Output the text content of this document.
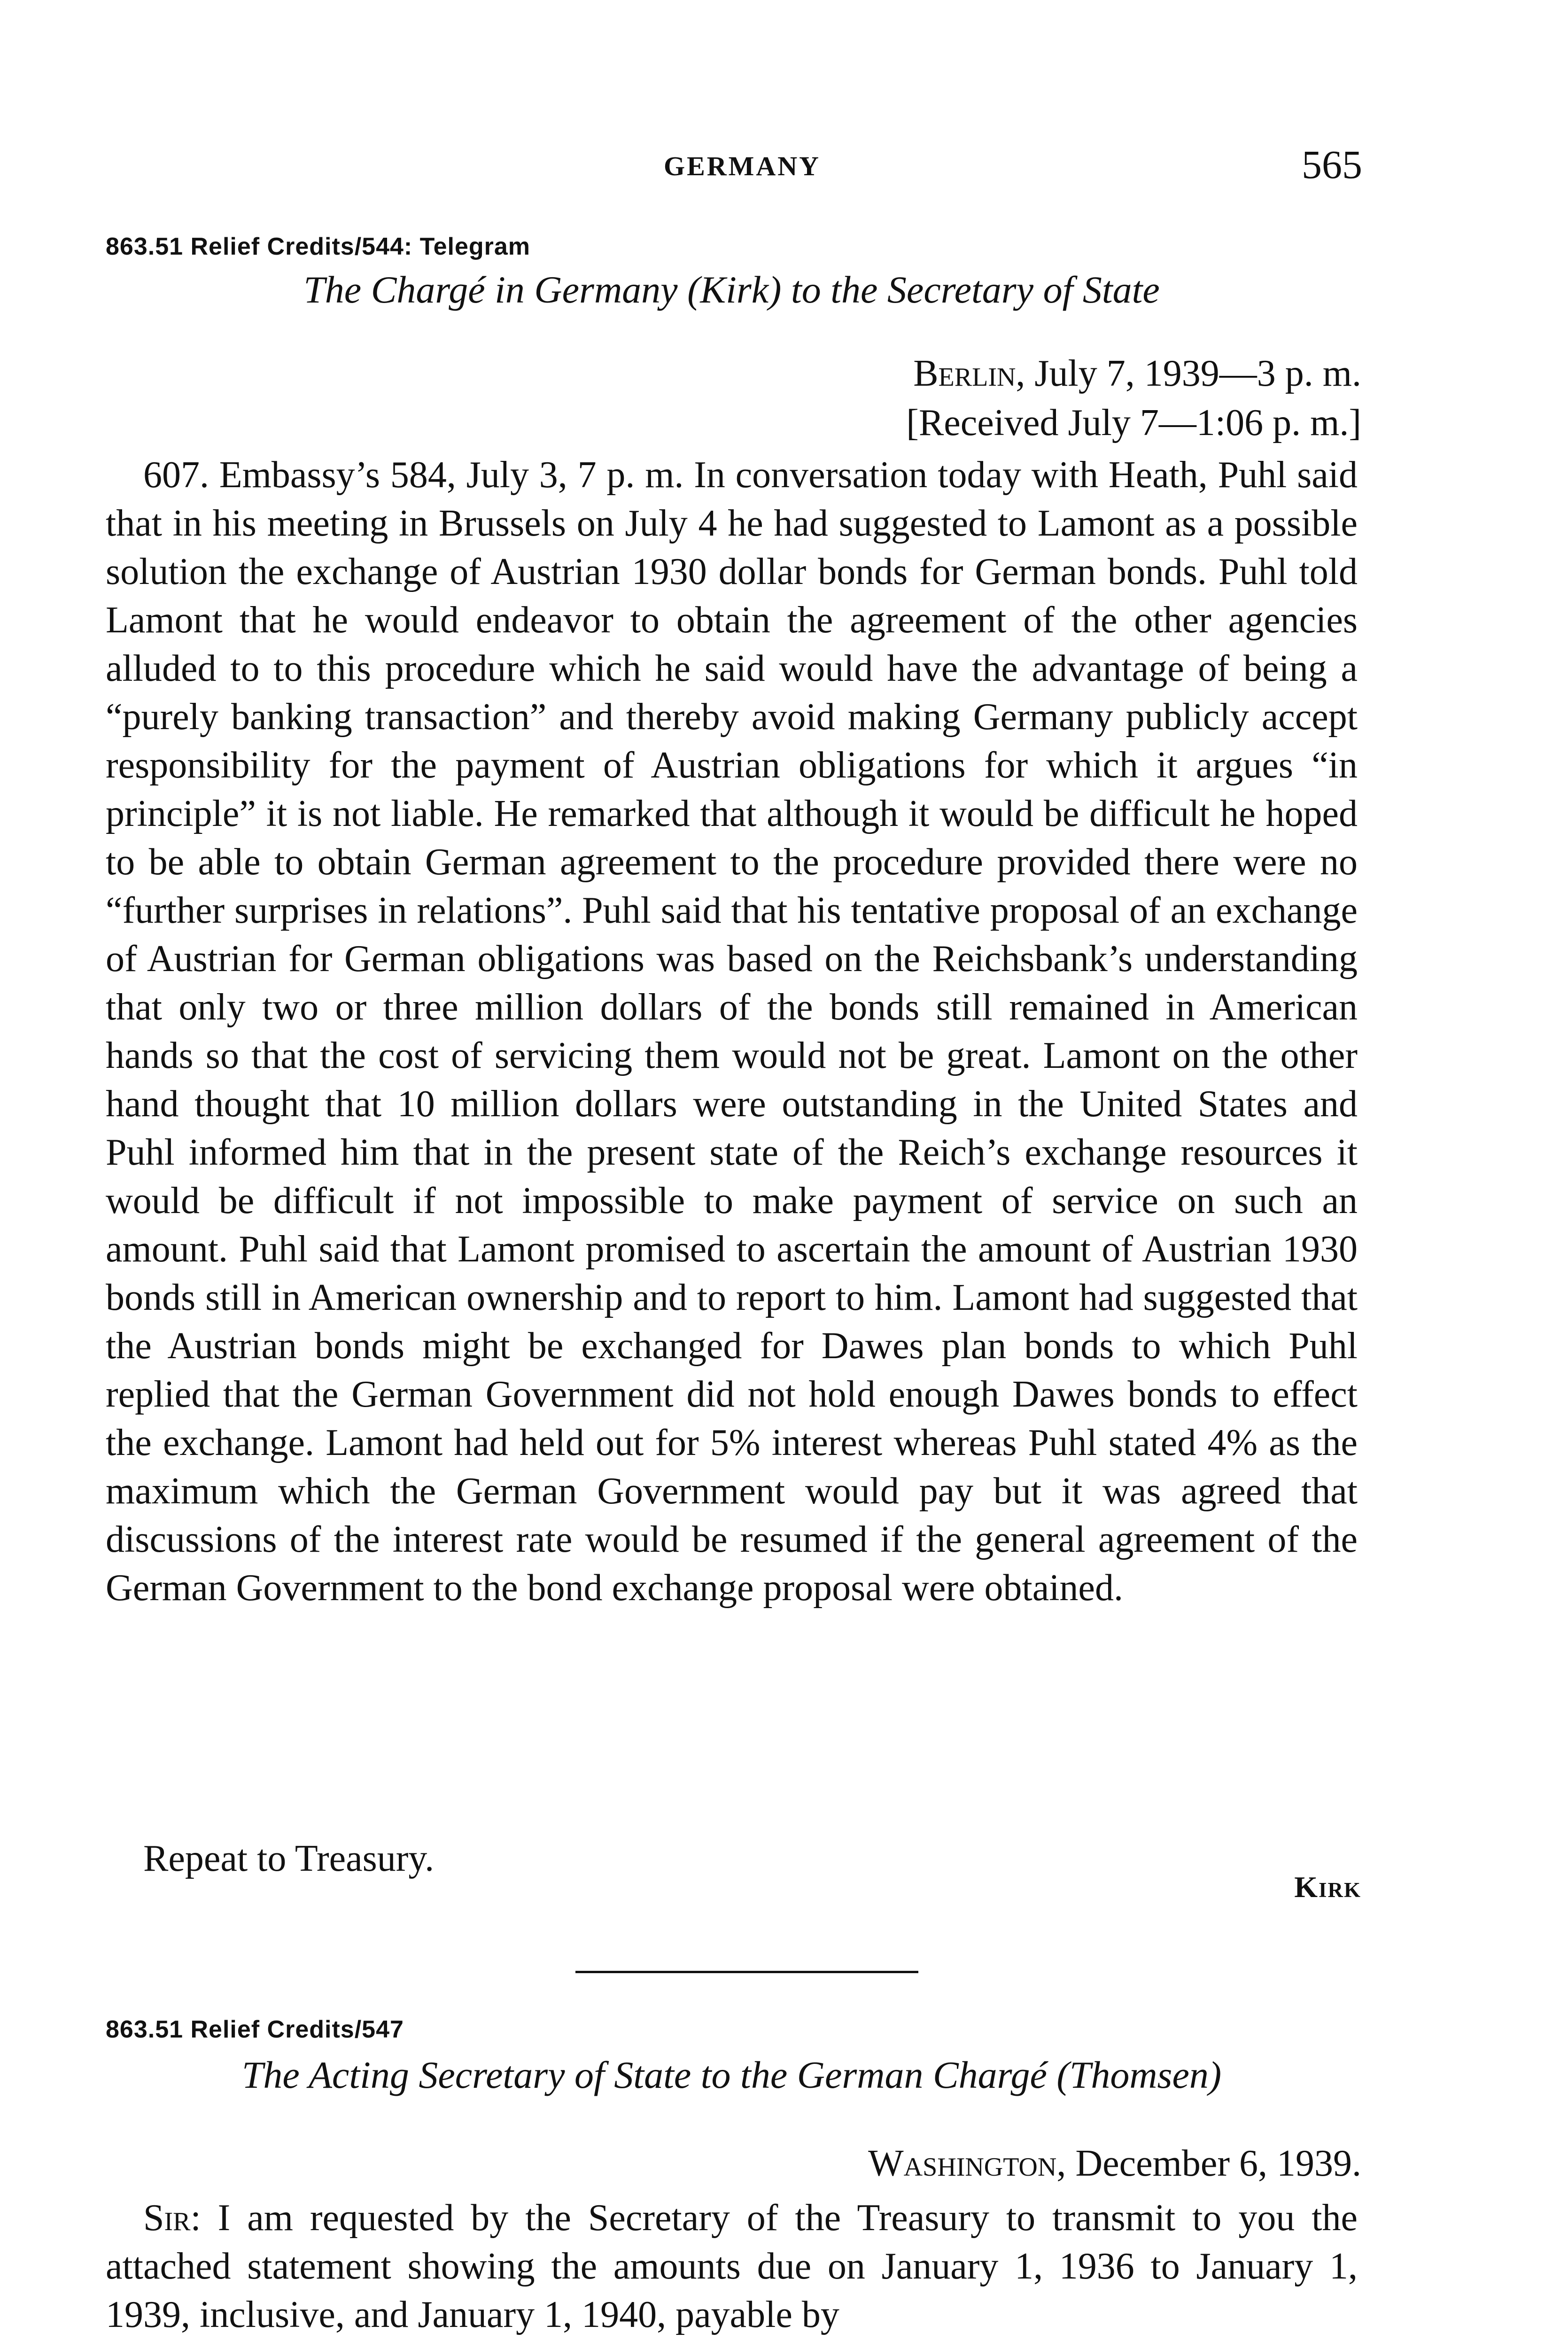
GERMANY	565
863.51 Relief Credits/544: Telegram
The Chargé in Germany (Kirk) to the Secretary of State
Berlin, July 7, 1939—3 p. m.
[Received July 7—1:06 p. m.]
607. Embassy’s 584, July 3, 7 p. m. In conversation today with Heath, Puhl said that in his meeting in Brussels on July 4 he had suggested to Lamont as a possible solution the exchange of Austrian 1930 dollar bonds for German bonds. Puhl told Lamont that he would endeavor to obtain the agreement of the other agencies alluded to to this procedure which he said would have the advantage of being a “purely banking transaction” and thereby avoid making Germany publicly accept responsibility for the payment of Austrian obligations for which it argues “in principle” it is not liable. He remarked that although it would be difficult he hoped to be able to obtain German agreement to the procedure provided there were no “further surprises in relations”. Puhl said that his tentative proposal of an exchange of Austrian for German obligations was based on the Reichsbank’s understanding that only two or three million dollars of the bonds still remained in American hands so that the cost of servicing them would not be great. Lamont on the other hand thought that 10 million dollars were outstanding in the United States and Puhl informed him that in the present state of the Reich’s exchange resources it would be difficult if not impossible to make payment of service on such an amount. Puhl said that Lamont promised to ascertain the amount of Austrian 1930 bonds still in American ownership and to report to him. Lamont had suggested that the Austrian bonds might be exchanged for Dawes plan bonds to which Puhl replied that the German Government did not hold enough Dawes bonds to effect the exchange. Lamont had held out for 5% interest whereas Puhl stated 4% as the maximum which the German Government would pay but it was agreed that discussions of the interest rate would be resumed if the general agreement of the German Government to the bond exchange proposal were obtained.
Repeat to Treasury.
Kirk
863.51 Relief Credits/547
The Acting Secretary of State to the German Chargé (Thomsen)
Washington, December 6, 1939.
Sir: I am requested by the Secretary of the Treasury to transmit to you the attached statement showing the amounts due on January 1, 1936 to January 1, 1939, inclusive, and January 1, 1940, payable by
